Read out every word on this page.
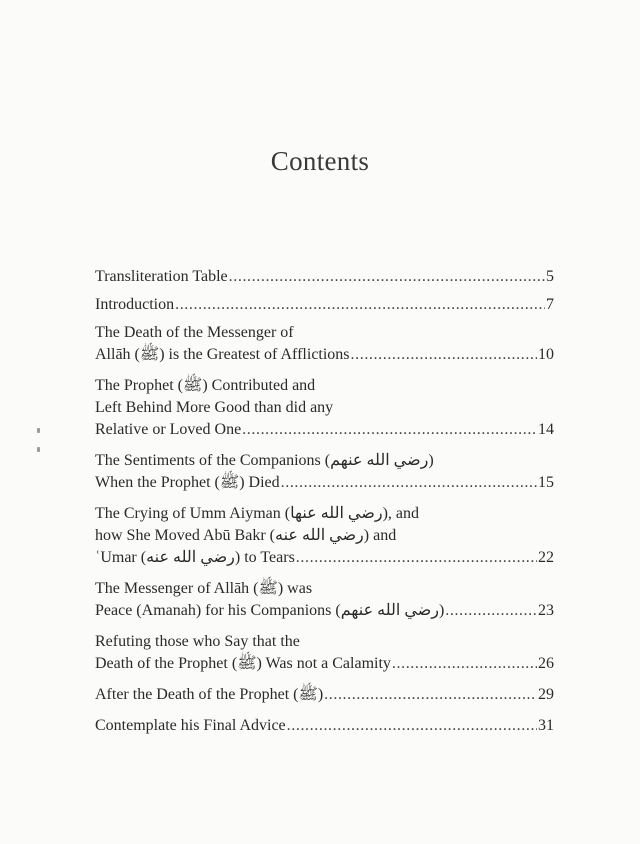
Contents
Transliteration Table .....	5
Introduction .....	7
The Death of the Messenger of
Allāh (ﷺ) is the Greatest of Afflictions .....	10
The Prophet (ﷺ) Contributed and
Left Behind More Good than did any
Relative or Loved One .....	14
The Sentiments of the Companions (رضي الله عنهم)
When the Prophet (ﷺ) Died .....	15
The Crying of Umm Aiyman (رضي الله عنها), and
how She Moved Abū Bakr (رضي الله عنه) and
ʿUmar (رضي الله عنه) to Tears .....	22
The Messenger of Allāh (ﷺ) was
Peace (Amanah) for his Companions (رضي الله عنهم) .....	23
Refuting those who Say that the
Death of the Prophet (ﷺ) Was not a Calamity .....	26
After the Death of the Prophet (ﷺ) .....	29
Contemplate his Final Advice .....	31
